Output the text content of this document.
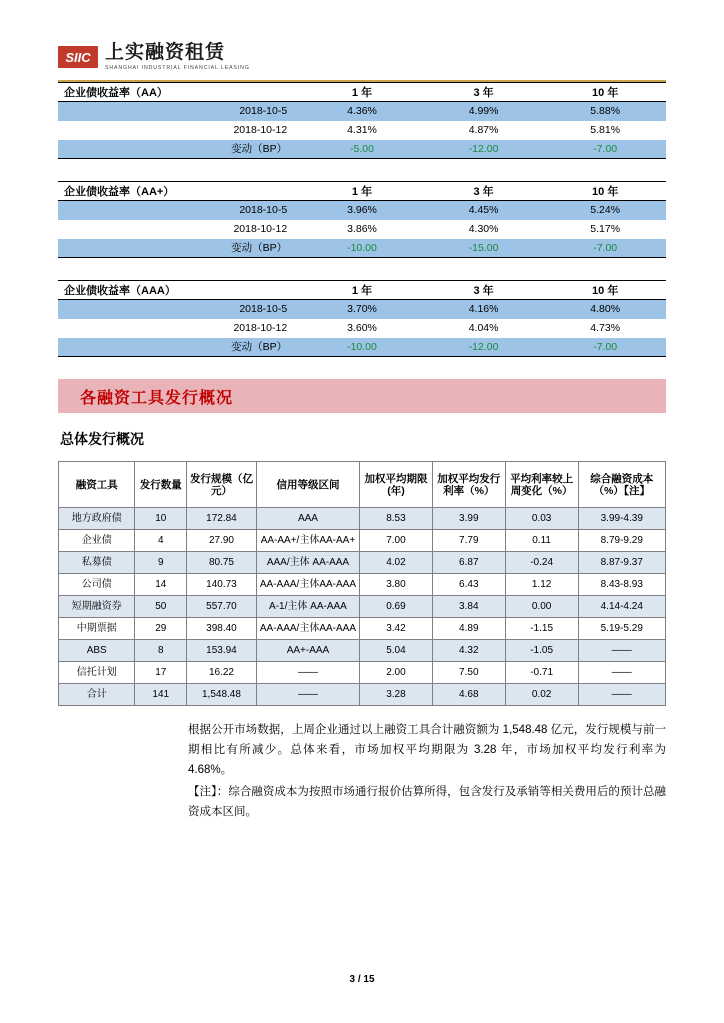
SIIC 上实融资租赁
SHANGHAI INDUSTRIAL FINANCIAL LEASING
企业债收益率（AA）	1 年	3 年	10 年
2018-10-5	4.36%	4.99%	5.88%
2018-10-12	4.31%	4.87%	5.81%
变动（BP）	-5.00	-12.00	-7.00
企业债收益率（AA+）	1 年	3 年	10 年
2018-10-5	3.96%	4.45%	5.24%
2018-10-12	3.86%	4.30%	5.17%
变动（BP）	-10.00	-15.00	-7.00
企业债收益率（AAA）	1 年	3 年	10 年
2018-10-5	3.70%	4.16%	4.80%
2018-10-12	3.60%	4.04%	4.73%
变动（BP）	-10.00	-12.00	-7.00
各融资工具发行概况
总体发行概况
融资工具	发行数量	发行规模（亿元）	信用等级区间	加权平均期限(年)	加权平均发行利率（%）	平均利率较上周变化（%）	综合融资成本（%）【注】
地方政府债	10	172.84	AAA	8.53	3.99	0.03	3.99-4.39
企业债	4	27.90	AA-AA+/主体AA-AA+	7.00	7.79	0.11	8.79-9.29
私募债	9	80.75	AAA/主体 AA-AAA	4.02	6.87	-0.24	8.87-9.37
公司债	14	140.73	AA-AAA/主体AA-AAA	3.80	6.43	1.12	8.43-8.93
短期融资券	50	557.70	A-1/主体 AA-AAA	0.69	3.84	0.00	4.14-4.24
中期票据	29	398.40	AA-AAA/主体AA-AAA	3.42	4.89	-1.15	5.19-5.29
ABS	8	153.94	AA+-AAA	5.04	4.32	-1.05	——
信托计划	17	16.22	——	2.00	7.50	-0.71	——
合计	141	1,548.48	——	3.28	4.68	0.02	——

根据公开市场数据，上周企业通过以上融资工具合计融资额为 1,548.48 亿元，发行规模与前一期相比有所减少。总体来看，市场加权平均期限为 3.28 年，市场加权平均发行利率为 4.68%。

【注】：综合融资成本为按照市场通行报价估算所得，包含发行及承销等相关费用后的预计总融资成本区间。

3 / 15
